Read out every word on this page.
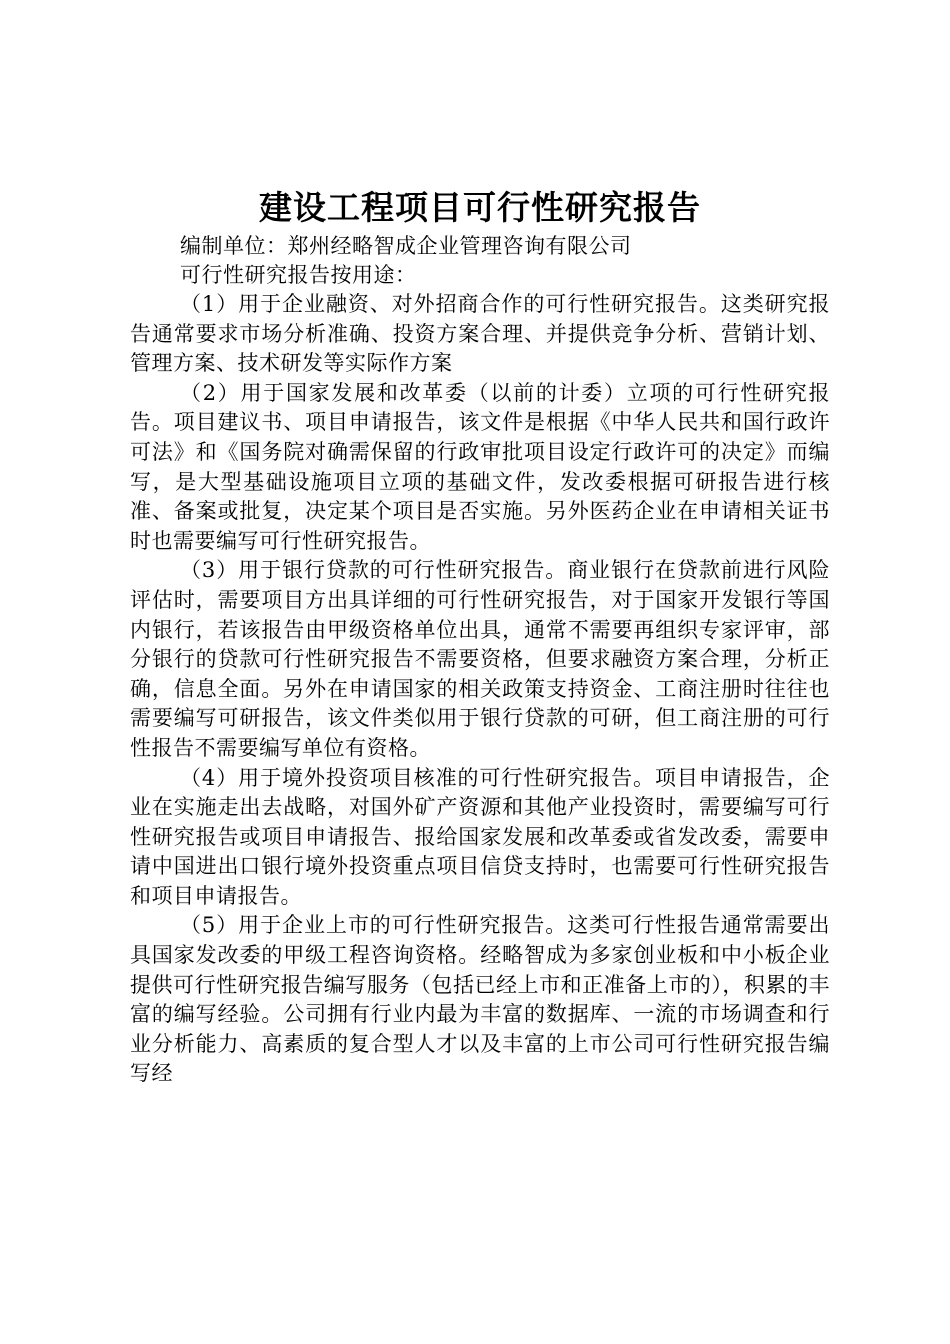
建设工程项目可行性研究报告

编制单位：郑州经略智成企业管理咨询有限公司

可行性研究报告按用途：

（1）用于企业融资、对外招商合作的可行性研究报告。这类研究报告通常要求市场分析准确、投资方案合理、并提供竞争分析、营销计划、管理方案、技术研发等实际作方案

（2）用于国家发展和改革委（以前的计委）立项的可行性研究报告。项目建议书、项目申请报告，该文件是根据《中华人民共和国行政许可法》和《国务院对确需保留的行政审批项目设定行政许可的决定》而编写，是大型基础设施项目立项的基础文件，发改委根据可研报告进行核准、备案或批复，决定某个项目是否实施。另外医药企业在申请相关证书时也需要编写可行性研究报告。

（3）用于银行贷款的可行性研究报告。商业银行在贷款前进行风险评估时，需要项目方出具详细的可行性研究报告，对于国家开发银行等国内银行，若该报告由甲级资格单位出具，通常不需要再组织专家评审，部分银行的贷款可行性研究报告不需要资格，但要求融资方案合理，分析正确，信息全面。另外在申请国家的相关政策支持资金、工商注册时往往也需要编写可研报告，该文件类似用于银行贷款的可研，但工商注册的可行性报告不需要编写单位有资格。

（4）用于境外投资项目核准的可行性研究报告。项目申请报告，企业在实施走出去战略，对国外矿产资源和其他产业投资时，需要编写可行性研究报告或项目申请报告、报给国家发展和改革委或省发改委，需要申请中国进出口银行境外投资重点项目信贷支持时，也需要可行性研究报告和项目申请报告。

（5）用于企业上市的可行性研究报告。这类可行性报告通常需要出具国家发改委的甲级工程咨询资格。经略智成为多家创业板和中小板企业提供可行性研究报告编写服务（包括已经上市和正准备上市的），积累的丰富的编写经验。公司拥有行业内最为丰富的数据库、一流的市场调查和行业分析能力、高素质的复合型人才以及丰富的上市公司可行性研究报告编写经
